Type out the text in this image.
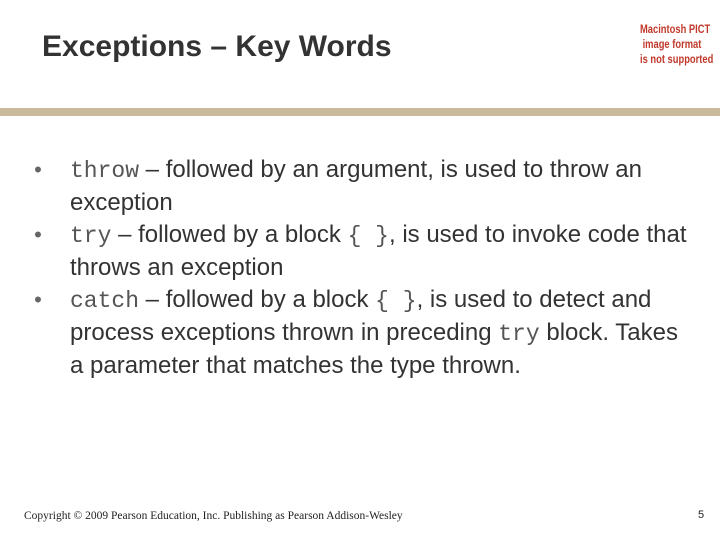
Exceptions – Key Words
Macintosh PICT
image format
is not supported
• throw – followed by an argument, is used to throw an exception
• try – followed by a block { }, is used to invoke code that throws an exception
• catch – followed by a block { }, is used to detect and process exceptions thrown in preceding try block. Takes a parameter that matches the type thrown.
Copyright © 2009 Pearson Education, Inc. Publishing as Pearson Addison-Wesley	5
